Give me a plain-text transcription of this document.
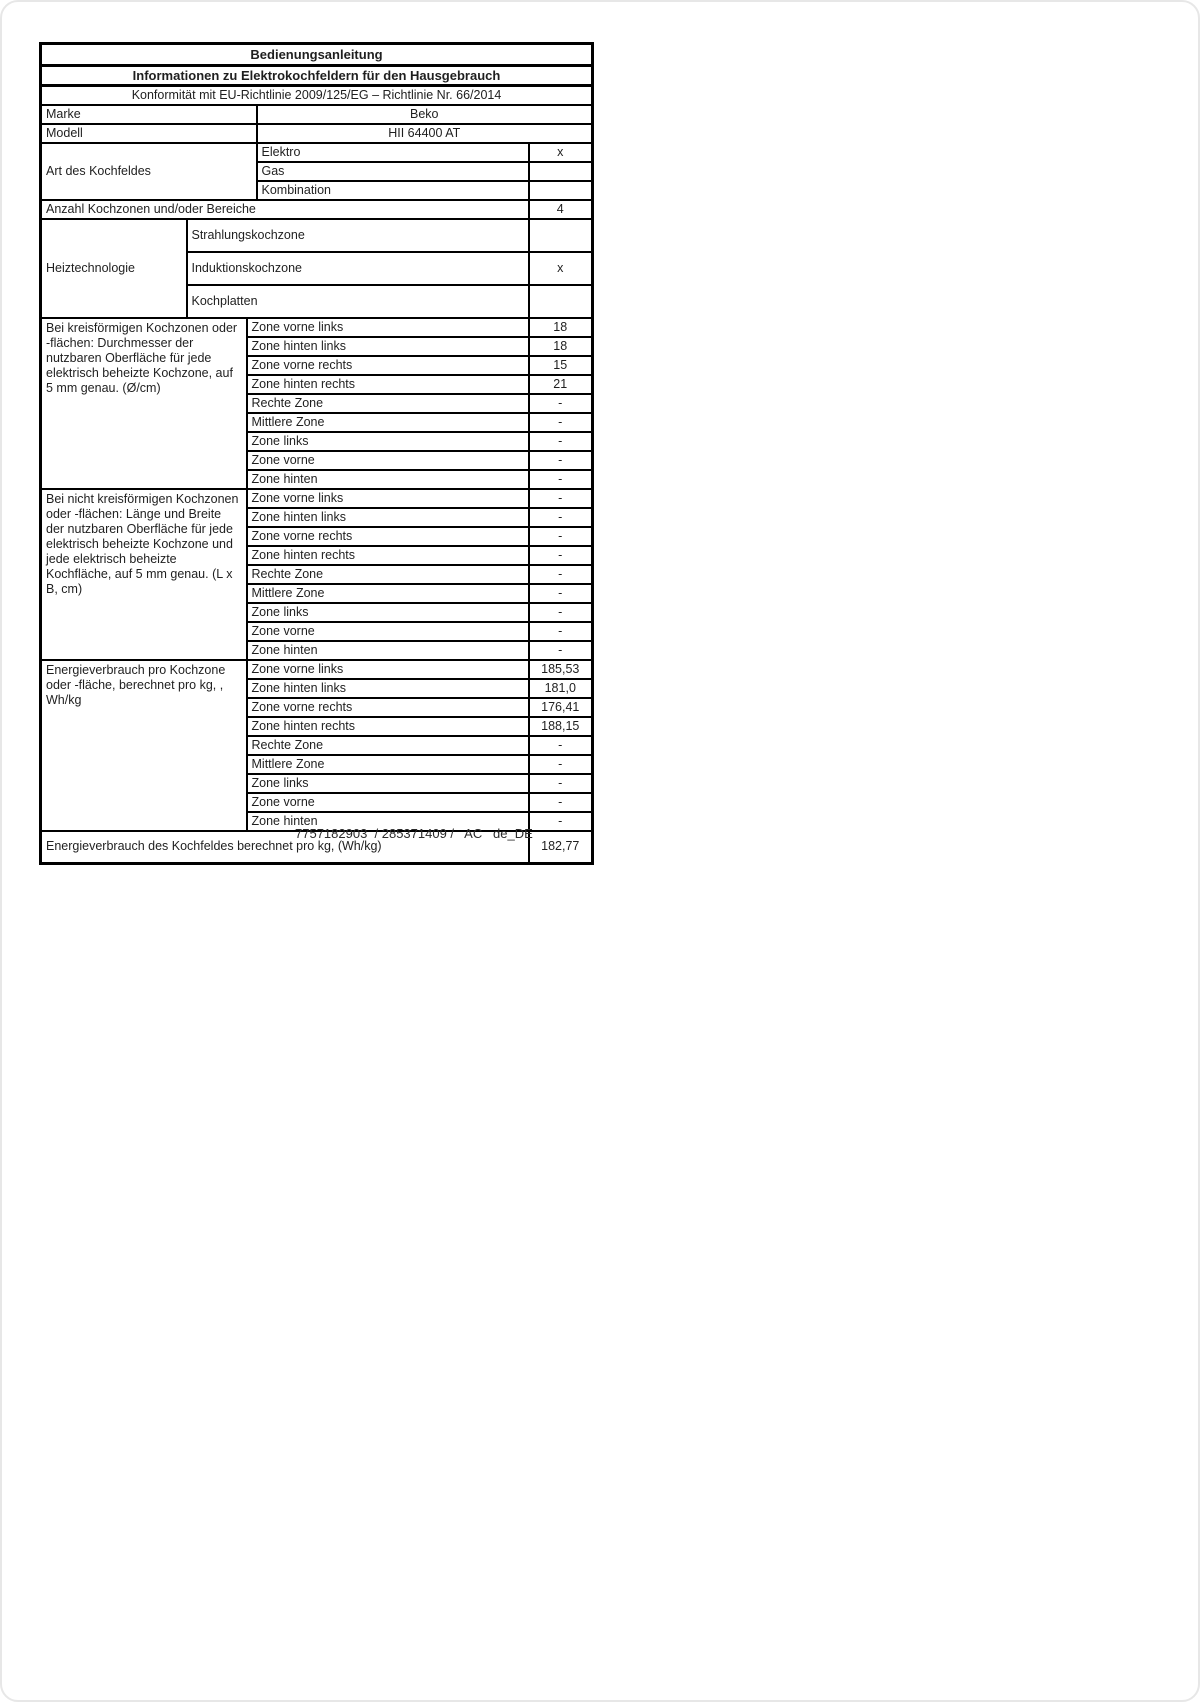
Bedienungsanleitung				
Informationen zu Elektrokochfeldern für den Hausgebrauch				
Konformität mit EU-Richtlinie 2009/125/EG – Richtlinie Nr. 66/2014				
Marke			Beko	
Modell			HII 64400 AT	
Art des Kochfeldes			Elektro	x
			Gas	
			Kombination	
Anzahl Kochzonen und/oder Bereiche				4
Heiztechnologie	Strahlungskochzone			
	Induktionskochzone			x
	Kochplatten			
Bei kreisförmigen Kochzonen oder -flächen: Durchmesser der nutzbaren Oberfläche für jede elektrisch beheizte Kochzone, auf 5 mm genau. (Ø/cm)		Zone vorne links		18
		Zone hinten links		18
		Zone vorne rechts		15
		Zone hinten rechts		21
		Rechte Zone		-
		Mittlere Zone		-
		Zone links		-
		Zone vorne		-
		Zone hinten		-
Bei nicht kreisförmigen Kochzonen oder -flächen: Länge und Breite der nutzbaren Oberfläche für jede elektrisch beheizte Kochzone und jede elektrisch beheizte Kochfläche, auf 5 mm genau. (L x B, cm)		Zone vorne links		-
		Zone hinten links		-
		Zone vorne rechts		-
		Zone hinten rechts		-
		Rechte Zone		-
		Mittlere Zone		-
		Zone links		-
		Zone vorne		-
		Zone hinten		-
Energieverbrauch pro Kochzone oder -fläche, berechnet pro kg, , Wh/kg		Zone vorne links		185,53
		Zone hinten links		181,0
		Zone vorne rechts		176,41
		Zone hinten rechts		188,15
		Rechte Zone		-
		Mittlere Zone		-
		Zone links		-
		Zone vorne		-
		Zone hinten		-
Energieverbrauch des Kochfeldes berechnet pro kg, (Wh/kg)				182,77
7757182903  / 285371409 /   AC   de_DE
